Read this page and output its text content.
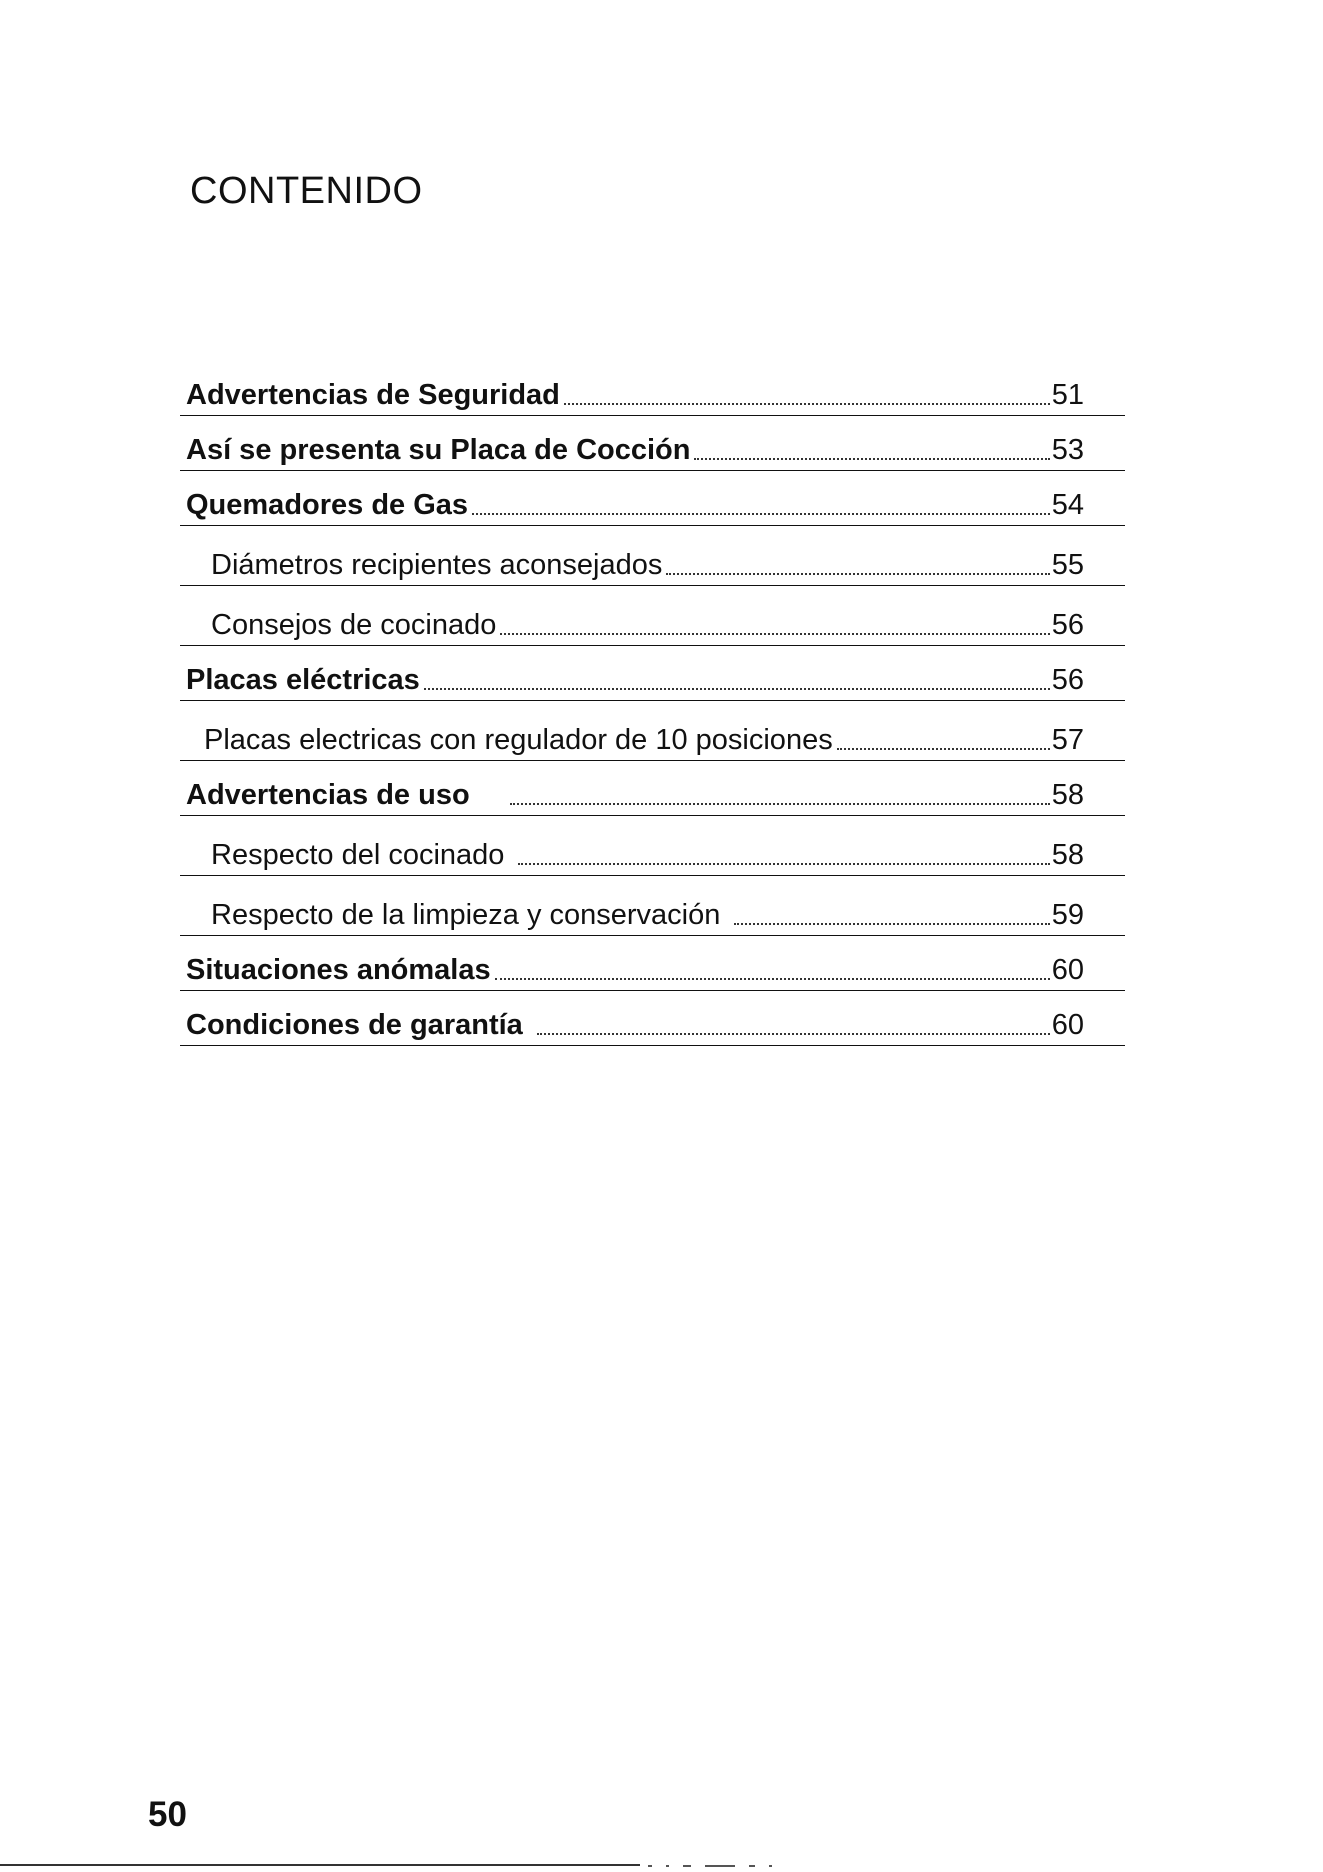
CONTENIDO
Advertencias de Seguridad	51
Así se presenta su Placa de Cocción	53
Quemadores de Gas	54
Diámetros recipientes aconsejados	55
Consejos de cocinado	56
Placas eléctricas	56
Placas electricas con regulador de 10 posiciones	57
Advertencias de uso	58
Respecto del cocinado	58
Respecto de la limpieza y conservación	59
Situaciones anómalas	60
Condiciones de garantía	60

50
